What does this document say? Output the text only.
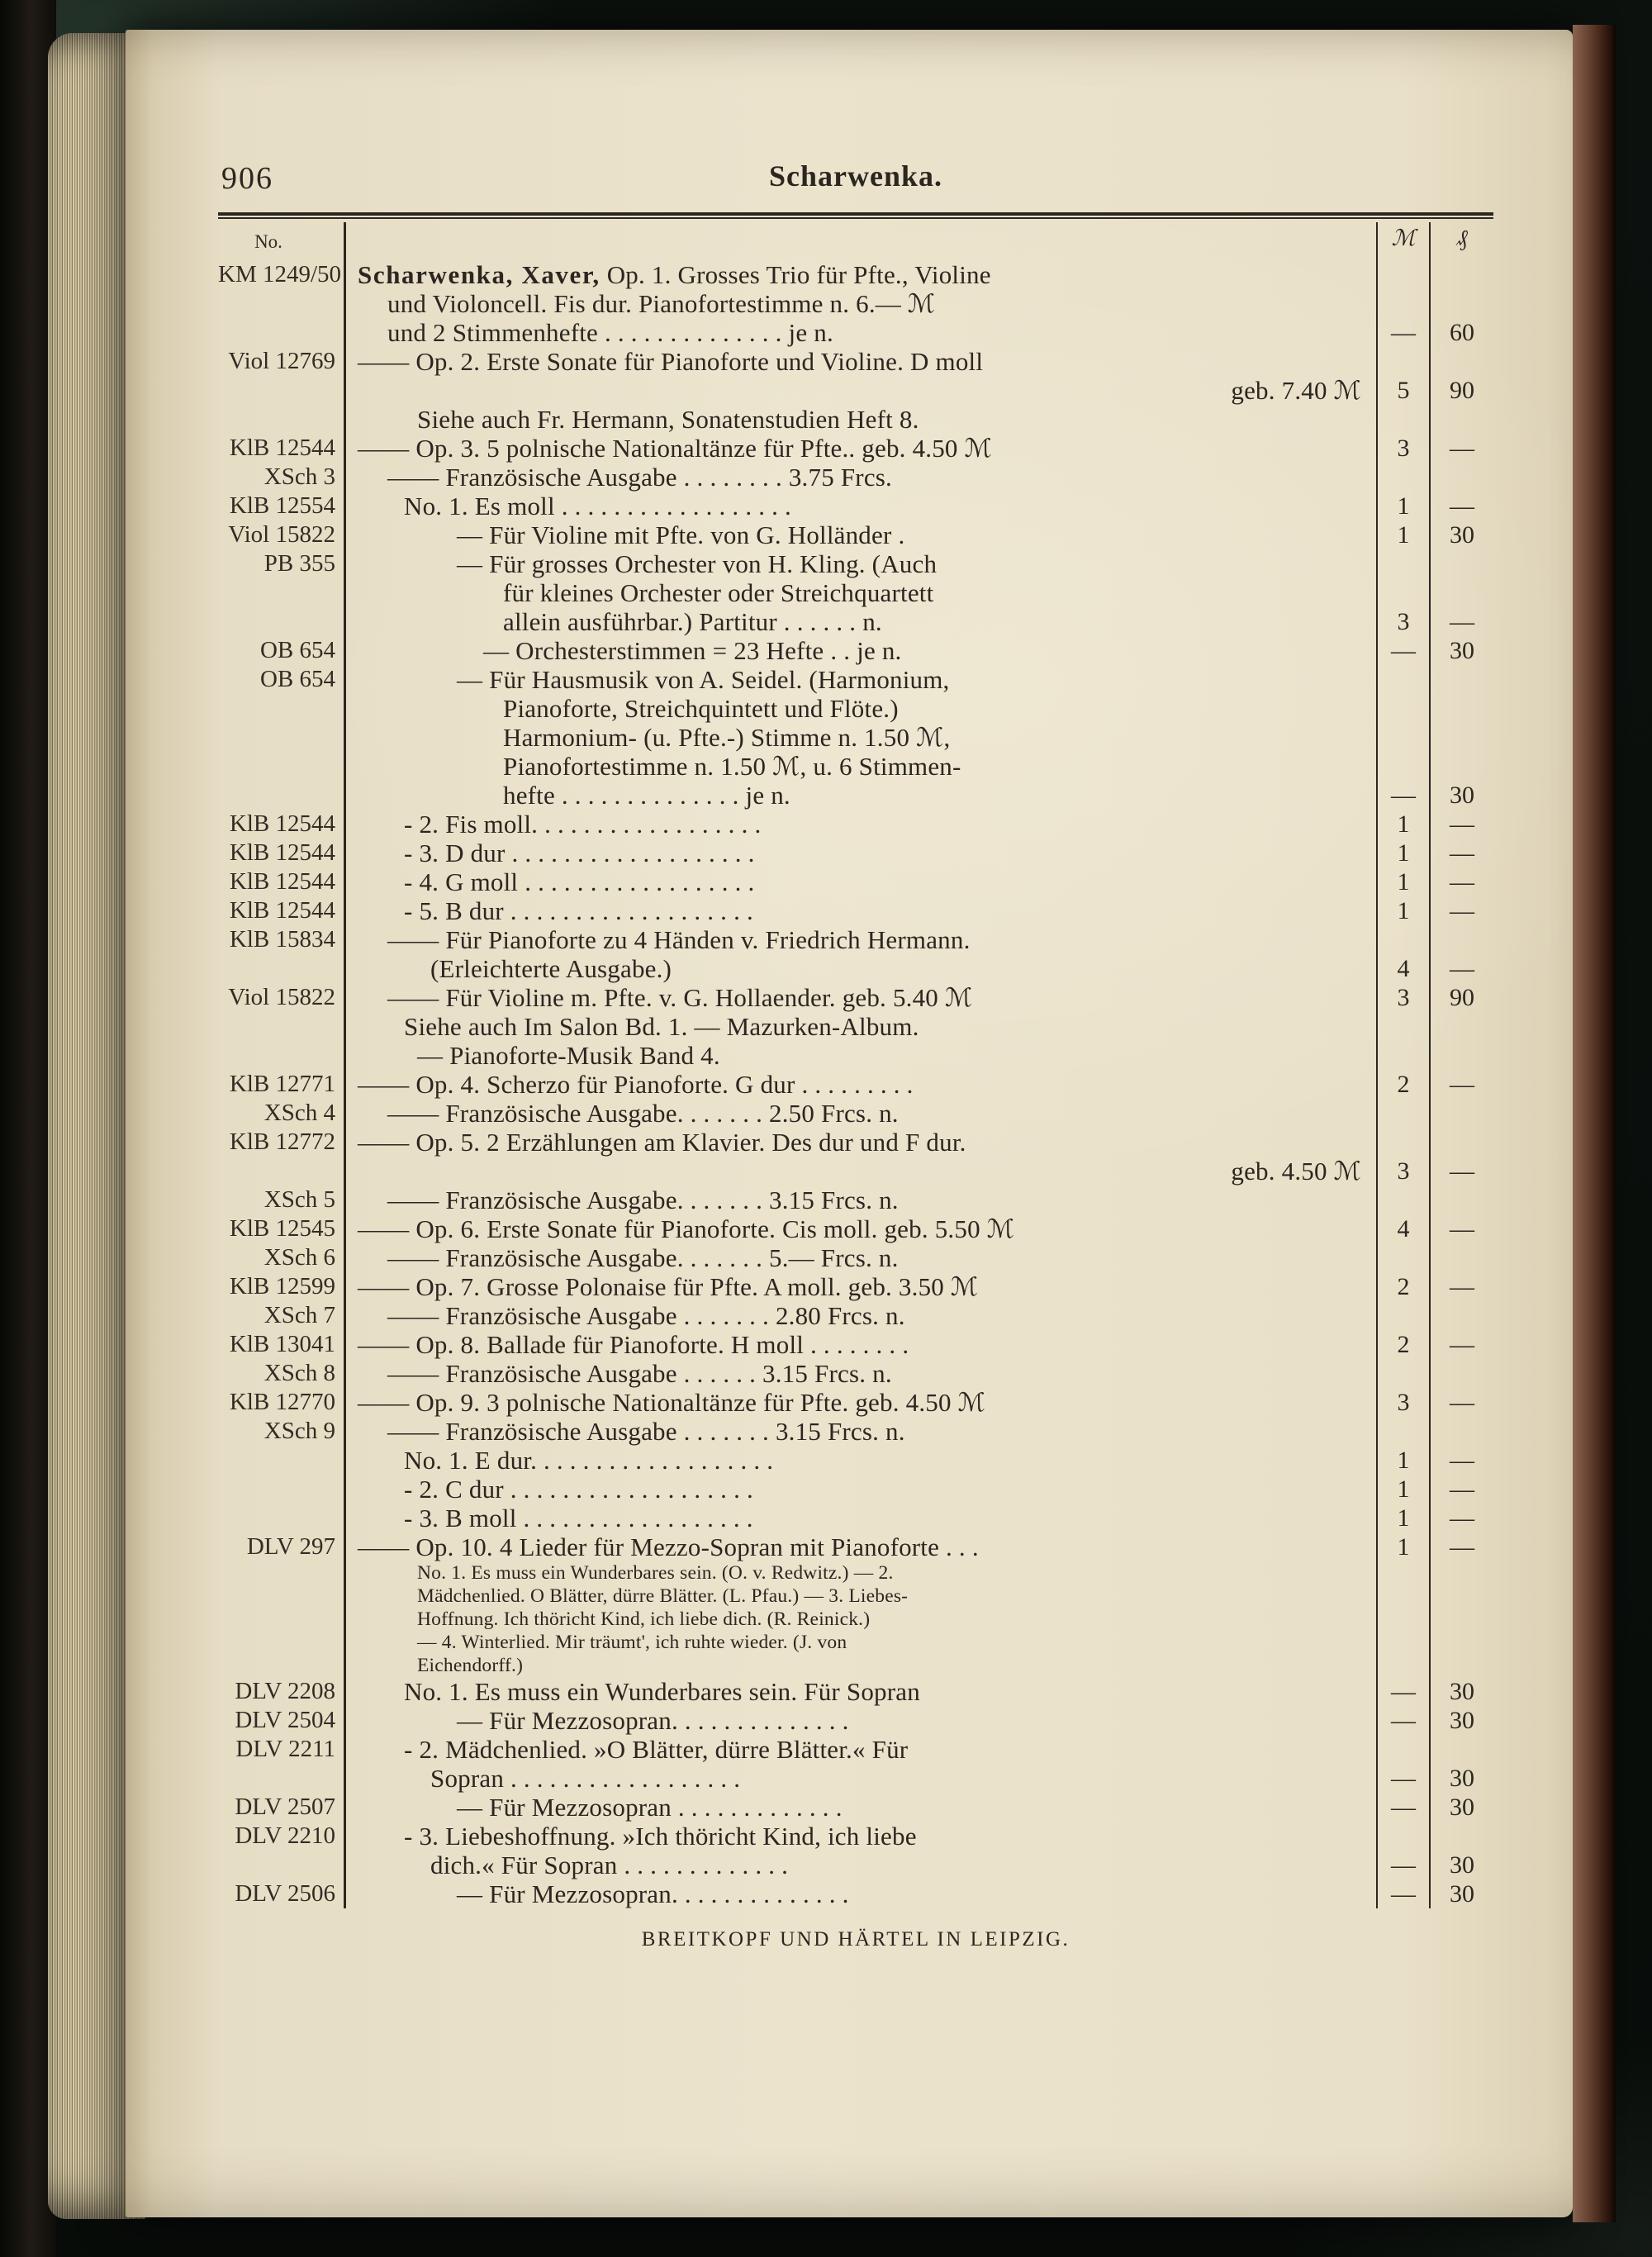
906	Scharwenka.
No.	ℳ	₰
KM 1249/50 Scharwenka, Xaver, Op. 1. Grosses Trio für Pfte., Violine
und Violoncell. Fis dur. Pianofortestimme n. 6.— ℳ
und 2 Stimmenhefte . . . . . . . . . . . . . . je n.	—	60
Viol 12769 —— Op. 2. Erste Sonate für Pianoforte und Violine. D moll
geb. 7.40 ℳ	5	90
Siehe auch Fr. Hermann, Sonatenstudien Heft 8.
KlB 12544 —— Op. 3. 5 polnische Nationaltänze für Pfte.. geb. 4.50 ℳ	3	—
XSch 3	—— Französische Ausgabe . . . . . . . . 3.75 Frcs.
KlB 12554	No. 1. Es moll . . . . . . . . . . . . . . . . . .	1	—
Viol 15822	— Für Violine mit Pfte. von G. Holländer .	1	30
PB 355	— Für grosses Orchester von H. Kling. (Auch
für kleines Orchester oder Streichquartett
allein ausführbar.) Partitur . . . . . . n.	3	—
OB 654	— Orchesterstimmen = 23 Hefte . . je n.	—	30
OB 654	— Für Hausmusik von A. Seidel. (Harmonium,
Pianoforte, Streichquintett und Flöte.)
Harmonium- (u. Pfte.-) Stimme n. 1.50 ℳ,
Pianofortestimme n. 1.50 ℳ, u. 6 Stimmen-
hefte . . . . . . . . . . . . . . je n.	—	30
KlB 12544	- 2. Fis moll. . . . . . . . . . . . . . . . . .	1	—
KlB 12544	- 3. D dur . . . . . . . . . . . . . . . . . . .	1	—
KlB 12544	- 4. G moll . . . . . . . . . . . . . . . . . .	1	—
KlB 12544	- 5. B dur . . . . . . . . . . . . . . . . . . .	1	—
KlB 15834	—— Für Pianoforte zu 4 Händen v. Friedrich Hermann.
(Erleichterte Ausgabe.)	4	—
Viol 15822	—— Für Violine m. Pfte. v. G. Hollaender. geb. 5.40 ℳ	3	90
Siehe auch Im Salon Bd. 1. — Mazurken-Album.
— Pianoforte-Musik Band 4.
KlB 12771 —— Op. 4. Scherzo für Pianoforte. G dur . . . . . . . . .	2	—
XSch 4	—— Französische Ausgabe. . . . . . . 2.50 Frcs. n.
KlB 12772 —— Op. 5. 2 Erzählungen am Klavier. Des dur und F dur.
geb. 4.50 ℳ	3	—
XSch 5	—— Französische Ausgabe. . . . . . . 3.15 Frcs. n.
KlB 12545 —— Op. 6. Erste Sonate für Pianoforte. Cis moll. geb. 5.50 ℳ	4	—
XSch 6	—— Französische Ausgabe. . . . . . . 5.— Frcs. n.
KlB 12599 —— Op. 7. Grosse Polonaise für Pfte. A moll. geb. 3.50 ℳ	2	—
XSch 7	—— Französische Ausgabe . . . . . . . 2.80 Frcs. n.
KlB 13041 —— Op. 8. Ballade für Pianoforte. H moll . . . . . . . .	2	—
XSch 8	—— Französische Ausgabe . . . . . . 3.15 Frcs. n.
KlB 12770 —— Op. 9. 3 polnische Nationaltänze für Pfte. geb. 4.50 ℳ	3	—
XSch 9	—— Französische Ausgabe . . . . . . . 3.15 Frcs. n.
No. 1. E dur. . . . . . . . . . . . . . . . . . .	1	—
- 2. C dur . . . . . . . . . . . . . . . . . . .	1	—
- 3. B moll . . . . . . . . . . . . . . . . . .	1	—
DLV 297 —— Op. 10. 4 Lieder für Mezzo-Sopran mit Pianoforte . . .	1	—
No. 1. Es muss ein Wunderbares sein. (O. v. Redwitz.) — 2.
Mädchenlied. O Blätter, dürre Blätter. (L. Pfau.) — 3. Liebes-
Hoffnung. Ich thöricht Kind, ich liebe dich. (R. Reinick.)
— 4. Winterlied. Mir träumt', ich ruhte wieder. (J. von
Eichendorff.)
DLV 2208	No. 1. Es muss ein Wunderbares sein. Für Sopran	—	30
DLV 2504	— Für Mezzosopran. . . . . . . . . . . . . .	—	30
DLV 2211	- 2. Mädchenlied. »O Blätter, dürre Blätter.« Für
Sopran . . . . . . . . . . . . . . . . . .	—	30
DLV 2507	— Für Mezzosopran . . . . . . . . . . . . .	—	30
DLV 2210	- 3. Liebeshoffnung. »Ich thöricht Kind, ich liebe
dich.« Für Sopran . . . . . . . . . . . . .	—	30
DLV 2506	— Für Mezzosopran. . . . . . . . . . . . . .	—	30
BREITKOPF UND HÄRTEL IN LEIPZIG.
